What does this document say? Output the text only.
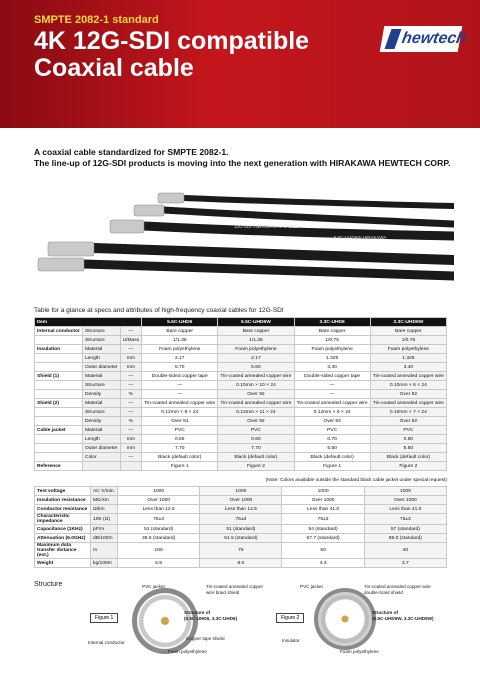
SMPTE 2082-1 standard
4K 12G-SDI compatible
Coaxial cable
hewtech
A coaxial cable standardized for SMPTE 2082-1.
The line-up of 12G-SDI products is moving into the next generation with HIRAKAWA HEWTECH CORP.
12G-SDI 75Ω COAXIAL CABLE
5.5C-UHD6W HIRAKAWA
Table for a glance at specs and attributes of high-frequency coaxial cables for 12G-SDI
Item			5.5C-UHD6	5.5C-UHD6W	3.3C-UHD6	3.3C-UHD6W
Internal conductor	Structure	—	Bare copper	Bare copper	Bare copper	Bare copper
	Structure	U/Mass	1/1.36	1/1.36	1/0.75	1/0.75
Insulation	Material	—	Foam polyethylene	Foam polyethylene	Foam polyethylene	Foam polyethylene
	Length	mm	2.17	2.17	1.325	1.325
	Outer diameter	mm	5.70	5.60	3.40	3.40
Shield (1)	Material	—	Double-sided copper tape	Tin-coated annealed copper wire	Double-sided copper tape	Tin-coated annealed copper wire
	Structure	—	—	0.10mm × 10 × 24	—	0.10mm × 6 × 24
	Density	%	—	Over 92	—	Over 92
Shield (2)	Material	—	Tin-coated annealed copper wire	Tin-coated annealed copper wire	Tin-coated annealed copper wire	Tin-coated annealed copper wire
	Structure	—	0.12mm × 8 × 24	0.12mm × 11 × 24	0.12mm × 6 × 24	0.10mm × 7 × 24
	Density	%	Over 91	Over 92	Over 92	Over 92
Cable jacket	Material	—	PVC	PVC	PVC	PVC
	Length	mm	0.65	0.60	0.70	0.60
	Outer diameter	mm	7.70	7.70	5.50	5.50
	Color	—	Black (default color)	Black (default color)	Black (default color)	Black (default color)
Reference			Figure 1	Figure 2	Figure 1	Figure 2
(Note: Colors available outside the standard black cable jacket under special request)
Test voltage	AC V/min.	1000	1000	1000	1000
Insulation resistance	MΩ·km	Over 1000	Over 1000	Over 1000	Over 1000
Conductor resistance	Ω/km	Less than 12.5	Less than 12.5	Less than 41.0	Less than 41.0
Characteristic impedance	10K (Ω)	75±3	75±3	75±3	75±3
Capacitance (1KHz)	pF/m	51 (standard)	51 (standard)	54 (standard)	57 (standard)
Attenuation (6.0GHz)	dB/100m	39.5 (standard)	51.5 (standard)	67.7 (standard)	99.0 (standard)
Maximum data transfer distance (est.)	m	100	75	50	40
Weight	kg/100m	6.9	8.0	4.3	4.7
Structure	PVC jacket	Tin-coated annealed copper wire braid shield
Figure 1
Structure of
(5.5C-UHD6, 3.3C-UHD6)
Copper tape shield
Internal conductor
Foam polyethylene
PVC jacket	Tin-coated annealed copper wire
double-braid shield
Figure 2
Structure of
(5.5C-UHD6W, 3.3C-UHD6W)
Insulator
Foam polyethylene
